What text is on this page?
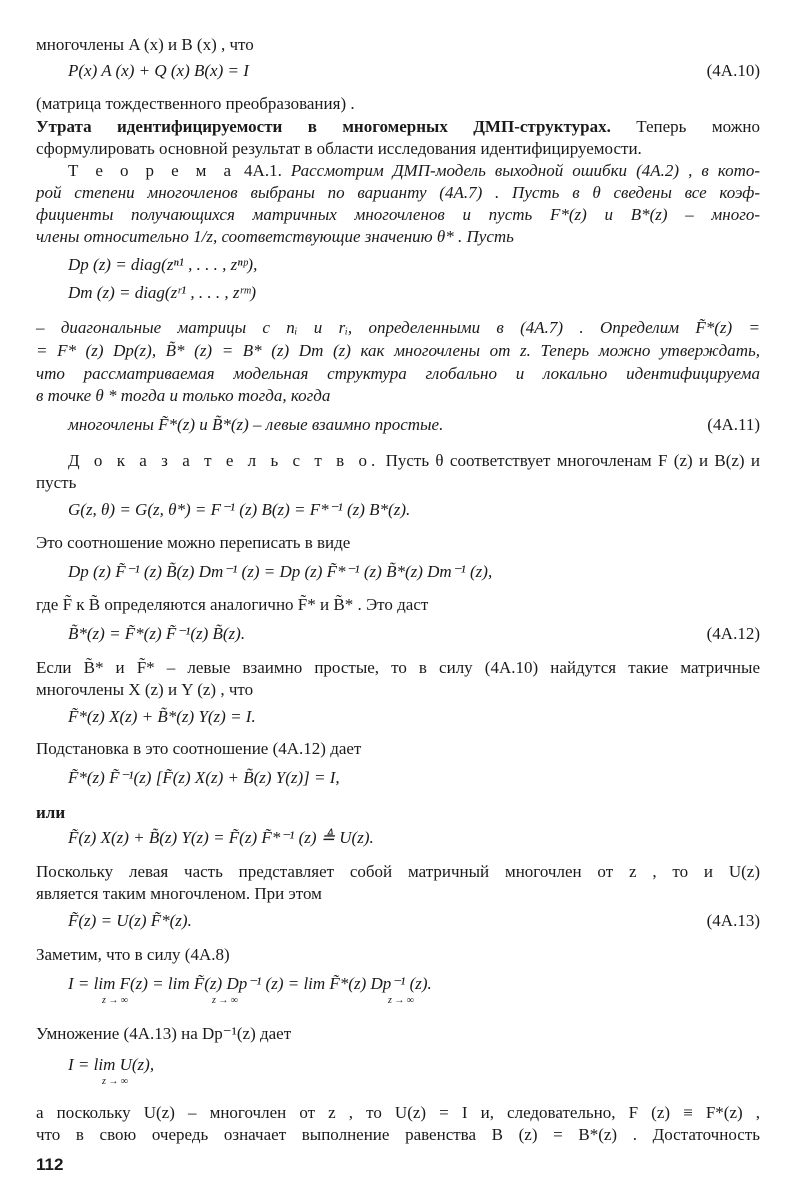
многочлены A (x) и B (x) , что
P(x) A (x) + Q (x) B(x) = I	(4А.10)
(матрица тождественного преобразования) .
Утрата идентифицируемости в многомерных ДМП-структурах. Теперь можно
сформулировать основной результат в области исследования идентифицируемости.
Т е о р е м а 4А.1. Рассмотрим ДМП-модель выходной ошибки (4А.2) , в кото-
рой степени многочленов выбраны по варианту (4А.7) . Пусть в θ сведены все коэф-
фициенты получающихся матричных многочленов и пусть F*(z) и B*(z) – много-
члены относительно 1/z, соответствующие значению θ* . Пусть
Dp (z) = diag(zⁿ¹ , . . . , zⁿᵖ),
Dm (z) = diag(zʳ¹ , . . . , zʳᵐ)
– диагональные матрицы с nᵢ и rᵢ, определенными в (4А.7) . Определим F̃*(z) =
= F* (z) Dp(z), B̃* (z) = B* (z) Dm (z) как многочлены от z. Теперь можно утверждать,
что рассматриваемая модельная структура глобально и локально идентифицируема
в точке θ * тогда и только тогда, когда
многочлены F̃*(z) и B̃*(z) – левые взаимно простые.	(4А.11)
Д о к а з а т е л ь с т в о. Пусть θ соответствует многочленам F (z) и B(z) и
пусть
G(z, θ) = G(z, θ*) = F⁻¹ (z) B(z) = F*⁻¹ (z) B*(z).
Это соотношение можно переписать в виде
Dp (z) F̃⁻¹ (z) B̃(z) Dm⁻¹ (z) = Dp (z) F̃*⁻¹ (z) B̃*(z) Dm⁻¹ (z),
где F̃ к B̃ определяются аналогично F̃* и B̃* . Это даст
B̃*(z) = F̃*(z) F̃⁻¹(z) B̃(z).	(4А.12)
Если B̃* и F̃* – левые взаимно простые, то в силу (4А.10) найдутся такие матричные
многочлены X (z) и Y (z) , что
F̃*(z) X(z) + B̃*(z) Y(z) = I.
Подстановка в это соотношение (4А.12) дает
F̃*(z) F̃⁻¹(z) [F̃(z) X(z) + B̃(z) Y(z)] = I,
или
F̃(z) X(z) + B̃(z) Y(z) = F̃(z) F̃*⁻¹ (z) ≜ U(z).
Поскольку левая часть представляет собой матричный многочлен от z , то и U(z)
является таким многочленом. При этом
F̃(z) = U(z) F̃*(z).	(4А.13)
Заметим, что в силу (4А.8)
I = lim F(z) = lim F̃(z) Dp⁻¹ (z) = lim F̃*(z) Dp⁻¹ (z).
z → ∞	z → ∞	z → ∞
Умножение (4А.13) на Dp⁻¹(z) дает
I = lim U(z),
z → ∞
а поскольку U(z) – многочлен от z , то U(z) = I и, следовательно, F (z) ≡ F*(z) ,
что в свою очередь означает выполнение равенства B (z) = B*(z) . Достаточность
112
